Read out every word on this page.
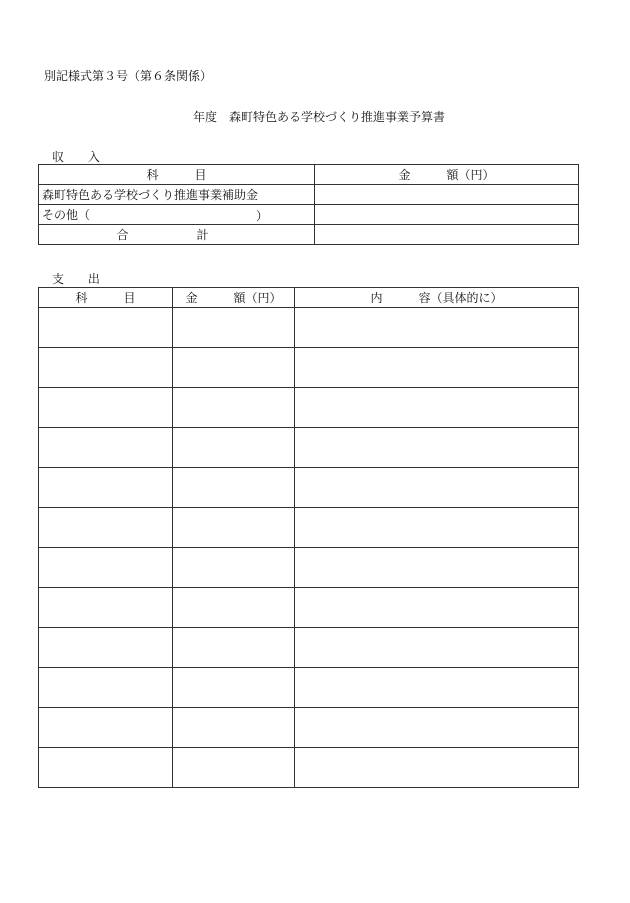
別記様式第３号（第６条関係）
年度　森町特色ある学校づくり推進事業予算書
収 入
科　　　目	金　　　額（円）
森町特色ある学校づくり推進事業補助金	
その他（ ）	

合　計	
支 出
科　　　目	金　　　額（円）	内　　　容（具体的に）
